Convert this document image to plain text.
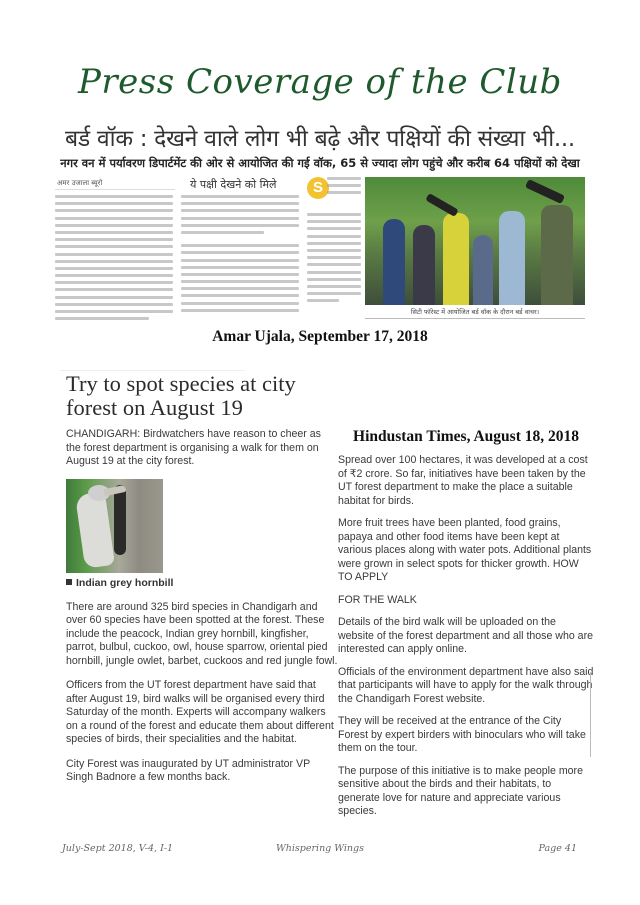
Press Coverage of the Club
बर्ड वॉक : देखने वाले लोग भी बढ़े और पक्षियों की संख्या भी...
नगर वन में पर्यावरण डिपार्टमेंट की ओर से आयोजित की गई वॉक, 65 से ज्यादा लोग पहुंचे और करीब 64 पक्षियों को देखा
अमर उजाला ब्यूरो	ये पक्षी देखने को मिले	S
सिटी फॉरेस्ट में आयोजित बर्ड वॉक के दौरान बर्ड वाचर।
Amar Ujala, September 17, 2018
Try to spot species at city forest on August 19
CHANDIGARH: Birdwatchers have reason to cheer as the forest department is organising a walk for them on August 19 at the city forest.
Indian grey hornbill
There are around 325 bird species in Chandigarh and over 60 species have been spotted at the forest. These include the peacock, Indian grey hornbill, kingfisher, parrot, bulbul, cuckoo, owl, house sparrow, oriental pied hornbill, jungle owlet, barbet, cuckoos and red jungle fowl.
Officers from the UT forest department have said that after August 19, bird walks will be organised every third Saturday of the month. Experts will accompany walkers on a round of the forest and educate them about different species of birds, their specialities and the habitat.
City Forest was inaugurated by UT administrator VP Singh Badnore a few months back.
Hindustan Times, August 18, 2018
Spread over 100 hectares, it was developed at a cost of ₹2 crore. So far, initiatives have been taken by the UT forest department to make the place a suitable habitat for birds.
More fruit trees have been planted, food grains, papaya and other food items have been kept at various places along with water pots. Additional plants were grown in select spots for thicker growth. HOW TO APPLY
FOR THE WALK
Details of the bird walk will be uploaded on the website of the forest department and all those who are interested can apply online.
Officials of the environment department have also said that participants will have to apply for the walk through the Chandigarh Forest website.
They will be received at the entrance of the City Forest by expert birders with binoculars who will take them on the tour.
The purpose of this initiative is to make people more sensitive about the birds and their habitats, to generate love for nature and appreciate various species.
July-Sept 2018, V-4, I-1	Whispering Wings	Page 41
